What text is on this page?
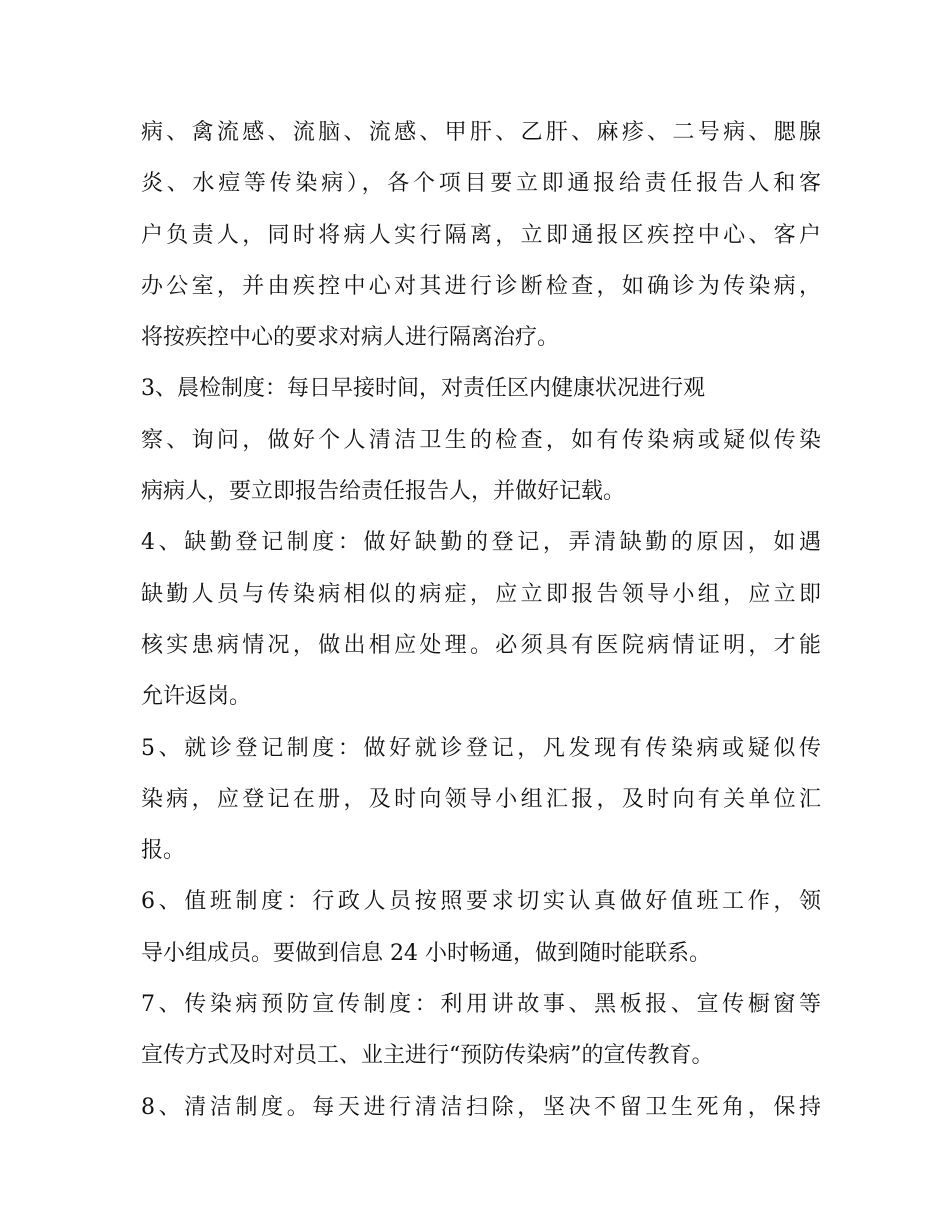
病、禽流感、流脑、流感、甲肝、乙肝、麻疹、二号病、腮腺
炎、水痘等传染病），各个项目要立即通报给责任报告人和客
户负责人，同时将病人实行隔离，立即通报区疾控中心、客户
办公室，并由疾控中心对其进行诊断检查，如确诊为传染病，
将按疾控中心的要求对病人进行隔离治疗。
3、晨检制度：每日早接时间，对责任区内健康状况进行观
察、询问，做好个人清洁卫生的检查，如有传染病或疑似传染
病病人，要立即报告给责任报告人，并做好记载。
4、缺勤登记制度：做好缺勤的登记，弄清缺勤的原因，如遇
缺勤人员与传染病相似的病症，应立即报告领导小组，应立即
核实患病情况，做出相应处理。必须具有医院病情证明，才能
允许返岗。
5、就诊登记制度：做好就诊登记，凡发现有传染病或疑似传
染病，应登记在册，及时向领导小组汇报，及时向有关单位汇
报。
6、值班制度：行政人员按照要求切实认真做好值班工作，领
导小组成员。要做到信息 24 小时畅通，做到随时能联系。
7、传染病预防宣传制度：利用讲故事、黑板报、宣传橱窗等
宣传方式及时对员工、业主进行“预防传染病”的宣传教育。
8、清洁制度。每天进行清洁扫除，坚决不留卫生死角，保持
